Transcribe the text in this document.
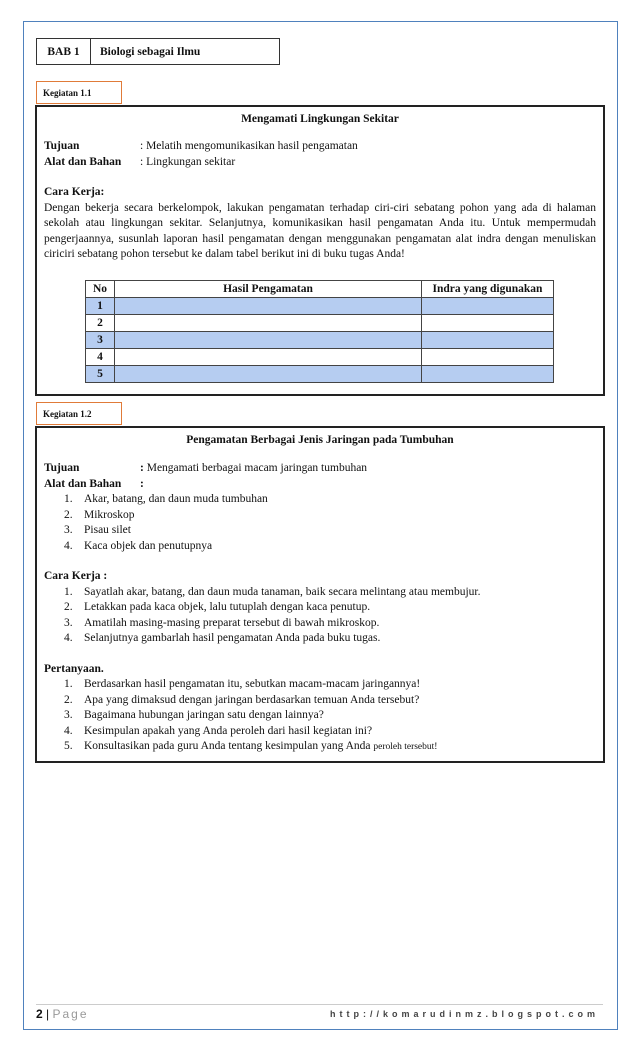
BAB 1	Biologi sebagai Ilmu
Kegiatan 1.1
Mengamati Lingkungan Sekitar
Tujuan	: Melatih mengomunikasikan hasil pengamatan
Alat dan Bahan : Lingkungan sekitar
Cara Kerja:
Dengan bekerja secara berkelompok, lakukan pengamatan terhadap ciri-ciri sebatang pohon yang ada di halaman sekolah atau lingkungan sekitar. Selanjutnya, komunikasikan hasil pengamatan Anda itu. Untuk mempermudah pengerjaannya, susunlah laporan hasil pengamatan dengan menggunakan pengamatan alat indra dengan menuliskan ciriciri sebatang pohon tersebut ke dalam tabel berikut ini di buku tugas Anda!
No	Hasil Pengamatan	Indra yang digunakan
1		
2		
3		
4		
5		
Kegiatan 1.2
Pengamatan Berbagai Jenis Jaringan pada Tumbuhan
Tujuan	: Mengamati berbagai macam jaringan tumbuhan
Alat dan Bahan :
1. Akar, batang, dan daun muda tumbuhan
2. Mikroskop
3. Pisau silet
4. Kaca objek dan penutupnya
Cara Kerja :
1. Sayatlah akar, batang, dan daun muda tanaman, baik secara melintang atau membujur.
2. Letakkan pada kaca objek, lalu tutuplah dengan kaca penutup.
3. Amatilah masing-masing preparat tersebut di bawah mikroskop.
4. Selanjutnya gambarlah hasil pengamatan Anda pada buku tugas.
Pertanyaan.
1. Berdasarkan hasil pengamatan itu, sebutkan macam-macam jaringannya!
2. Apa yang dimaksud dengan jaringan berdasarkan temuan Anda tersebut?
3. Bagaimana hubungan jaringan satu dengan lainnya?
4. Kesimpulan apakah yang Anda peroleh dari hasil kegiatan ini?
5. Konsultasikan pada guru Anda tentang kesimpulan yang Anda peroleh tersebut!
2 | Page	http://komarudinmz.blogspot.com
